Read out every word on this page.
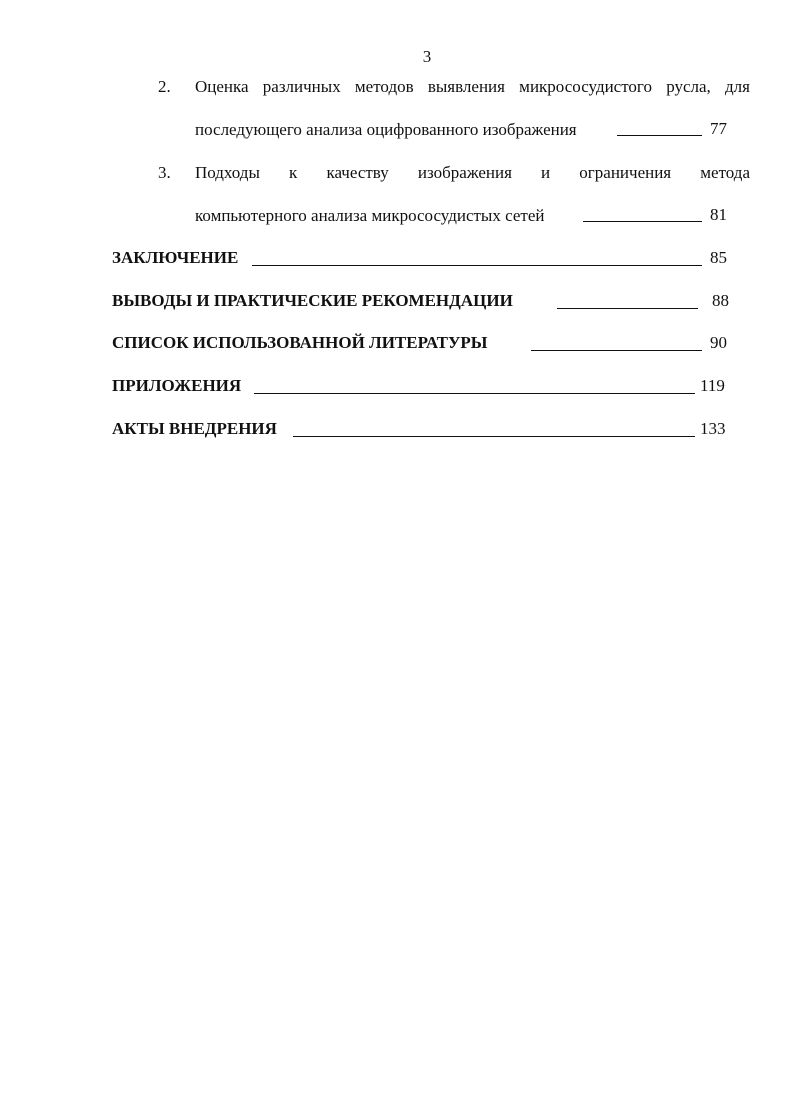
3
2. Оценка различных методов выявления микрососудистого русла, для
последующего анализа оцифрованного изображения	77
3. Подходы к качеству изображения и ограничения метода
компьютерного анализа микрососудистых сетей	81
ЗАКЛЮЧЕНИЕ	85
ВЫВОДЫ И ПРАКТИЧЕСКИЕ РЕКОМЕНДАЦИИ	88
СПИСОК ИСПОЛЬЗОВАННОЙ ЛИТЕРАТУРЫ	90
ПРИЛОЖЕНИЯ	119
АКТЫ ВНЕДРЕНИЯ	133
